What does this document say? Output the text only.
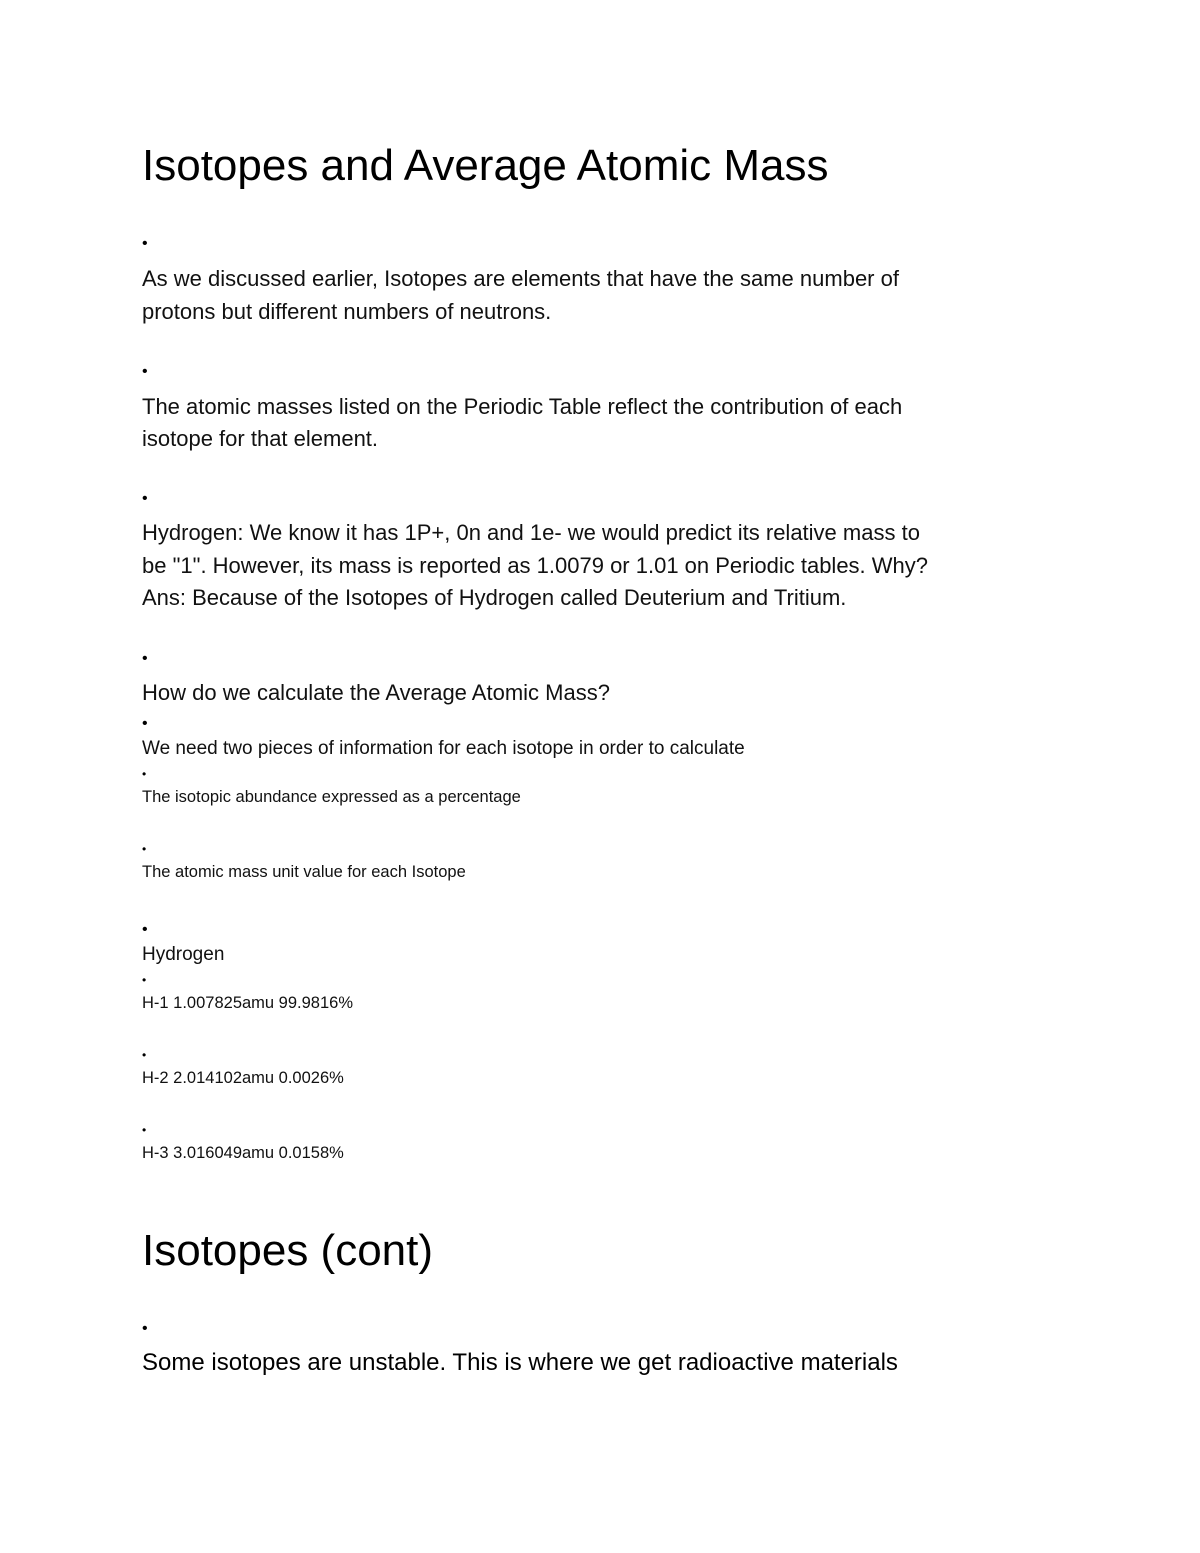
Isotopes and Average Atomic Mass
•
As we discussed earlier, Isotopes are elements that have the same number of
protons but different numbers of neutrons.
•
The atomic masses listed on the Periodic Table reflect the contribution of each
isotope for that element.
•
Hydrogen: We know it has 1P+, 0n and 1e- we would predict its relative mass to
be "1". However, its mass is reported as 1.0079 or 1.01 on Periodic tables. Why?
Ans: Because of the Isotopes of Hydrogen called Deuterium and Tritium.
•
How do we calculate the Average Atomic Mass?
•
We need two pieces of information for each isotope in order to calculate
•
The isotopic abundance expressed as a percentage
•
The atomic mass unit value for each Isotope
•
Hydrogen
•
H-1 1.007825amu 99.9816%
•
H-2 2.014102amu 0.0026%
•
H-3 3.016049amu 0.0158%
Isotopes (cont)
•
Some isotopes are unstable. This is where we get radioactive materials
